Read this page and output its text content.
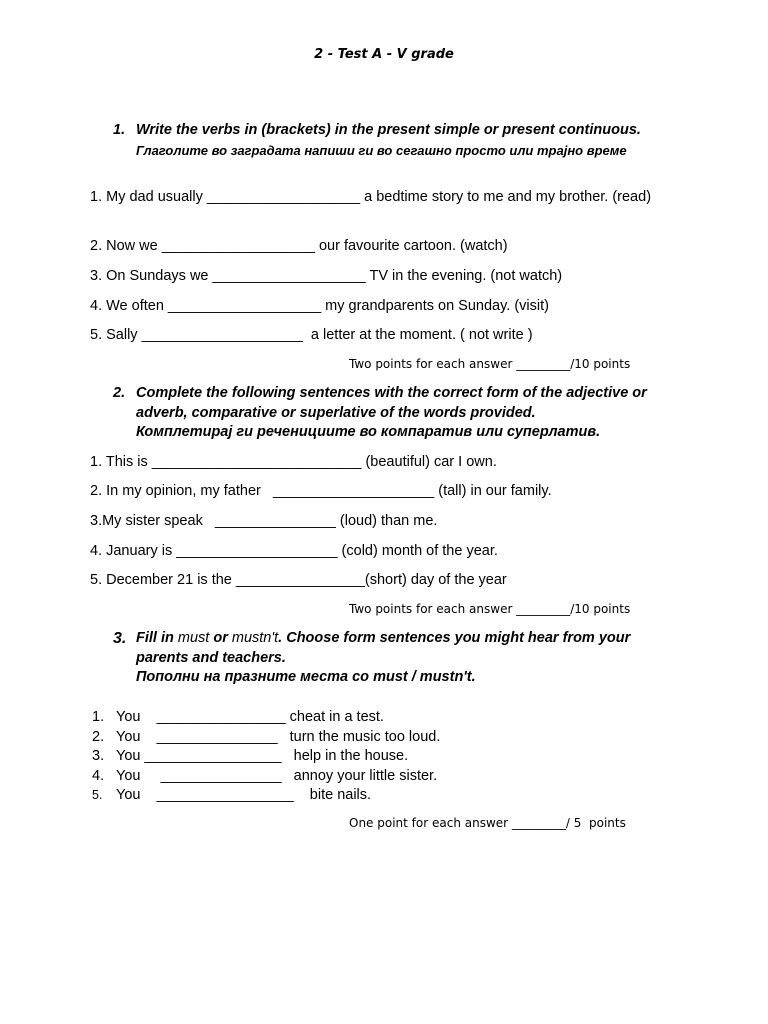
2 - Test A - V grade
1. Write the verbs in (brackets) in the present simple or present continuous.
Глаголите во заградата напиши ги во сегашно просто или трајно време
1. My dad usually ___________________ a bedtime story to me and my brother. (read)
2. Now we ___________________ our favourite cartoon. (watch)
3. On Sundays we ___________________ TV in the evening. (not watch)
4. We often ___________________ my grandparents on Sunday. (visit)
5. Sally ____________________  a letter at the moment. ( not write )
Two points for each answer _________/10 points
2. Complete the following sentences with the correct form of the adjective or
adverb, comparative or superlative of the words provided.
Комплетирај ги реченициите во компаратив или суперлатив.
1. This is __________________________ (beautiful) car I own.
2. In my opinion, my father   ____________________ (tall) in our family.
3.My sister speak   _______________ (loud) than me.
4. January is ____________________ (cold) month of the year.
5. December 21 is the ________________(short) day of the year
Two points for each answer _________/10 points
3. Fill in must or mustn't. Choose form sentences you might hear from your
parents and teachers.
Пополни на празните места со must / mustn't.

1.

You    ________________ cheat in a test.

2.

You    _______________   turn the music too loud.

3.

You _________________   help in the house.

4.

You     _______________   annoy your little sister.

5.

You    _________________    bite nails.

One point for each answer _________/ 5  points
